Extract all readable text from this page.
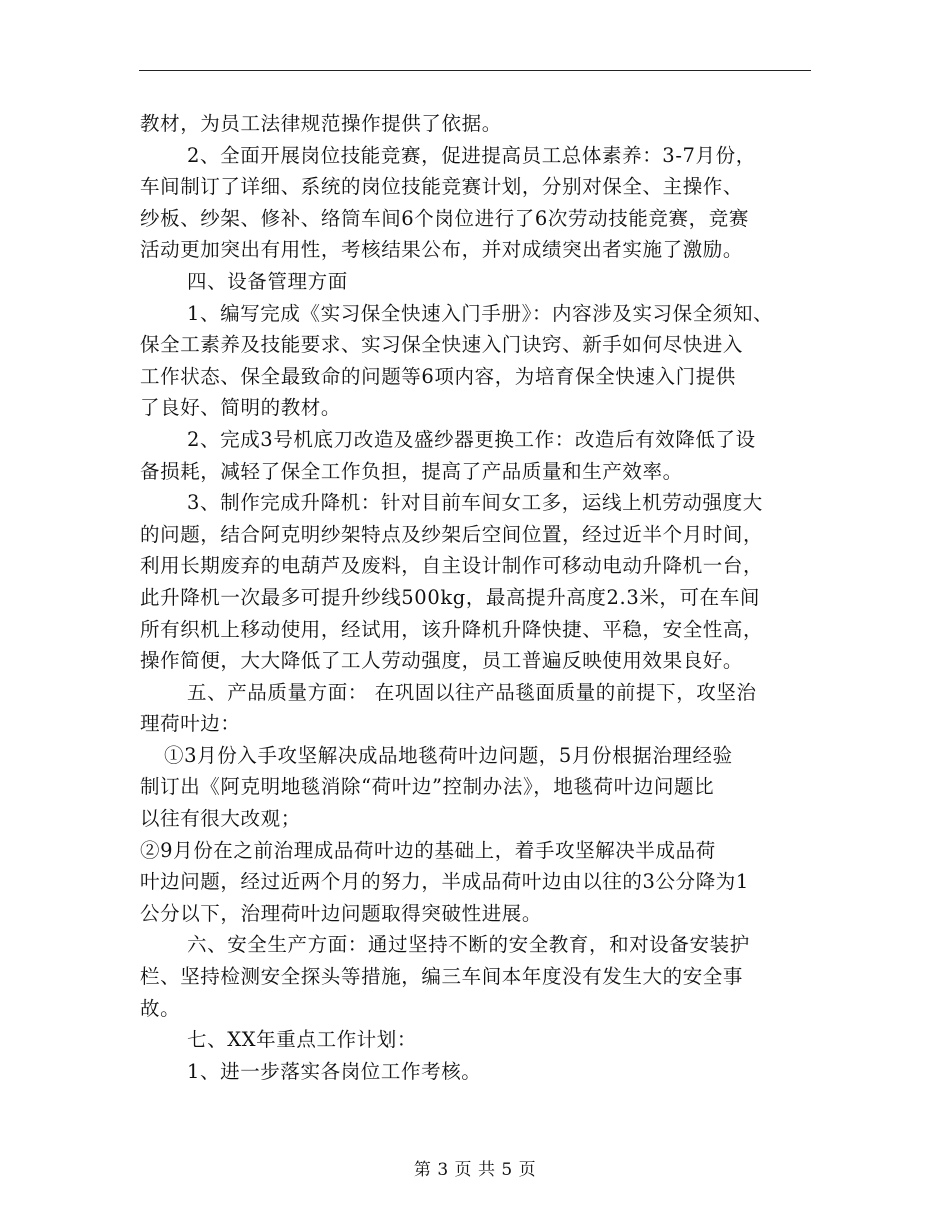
教材，为员工法律规范操作提供了依据。
2、全面开展岗位技能竞赛，促进提高员工总体素养：3-7月份，
车间制订了详细、系统的岗位技能竞赛计划，分别对保全、主操作、
纱板、纱架、修补、络筒车间6个岗位进行了6次劳动技能竞赛，竞赛
活动更加突出有用性，考核结果公布，并对成绩突出者实施了激励。
四、设备管理方面
1、编写完成《实习保全快速入门手册》：内容涉及实习保全须知、
保全工素养及技能要求、实习保全快速入门诀窍、新手如何尽快进入
工作状态、保全最致命的问题等6项内容，为培育保全快速入门提供
了良好、简明的教材。
2、完成3号机底刀改造及盛纱器更换工作：改造后有效降低了设
备损耗，减轻了保全工作负担，提高了产品质量和生产效率。
3、制作完成升降机：针对目前车间女工多，运线上机劳动强度大
的问题，结合阿克明纱架特点及纱架后空间位置，经过近半个月时间，
利用长期废弃的电葫芦及废料，自主设计制作可移动电动升降机一台，
此升降机一次最多可提升纱线500kg，最高提升高度2.3米，可在车间
所有织机上移动使用，经试用，该升降机升降快捷、平稳，安全性高，
操作简便，大大降低了工人劳动强度，员工普遍反映使用效果良好。
五、产品质量方面： 在巩固以往产品毯面质量的前提下，攻坚治
理荷叶边：
①3月份入手攻坚解决成品地毯荷叶边问题，5月份根据治理经验
制订出《阿克明地毯消除“荷叶边”控制办法》，地毯荷叶边问题比
以往有很大改观；
②9月份在之前治理成品荷叶边的基础上，着手攻坚解决半成品荷
叶边问题，经过近两个月的努力，半成品荷叶边由以往的3公分降为1
公分以下，治理荷叶边问题取得突破性进展。
六、安全生产方面：通过坚持不断的安全教育，和对设备安装护
栏、坚持检测安全探头等措施，编三车间本年度没有发生大的安全事
故。
七、XX年重点工作计划：
1、进一步落实各岗位工作考核。
第 3 页 共 5 页
